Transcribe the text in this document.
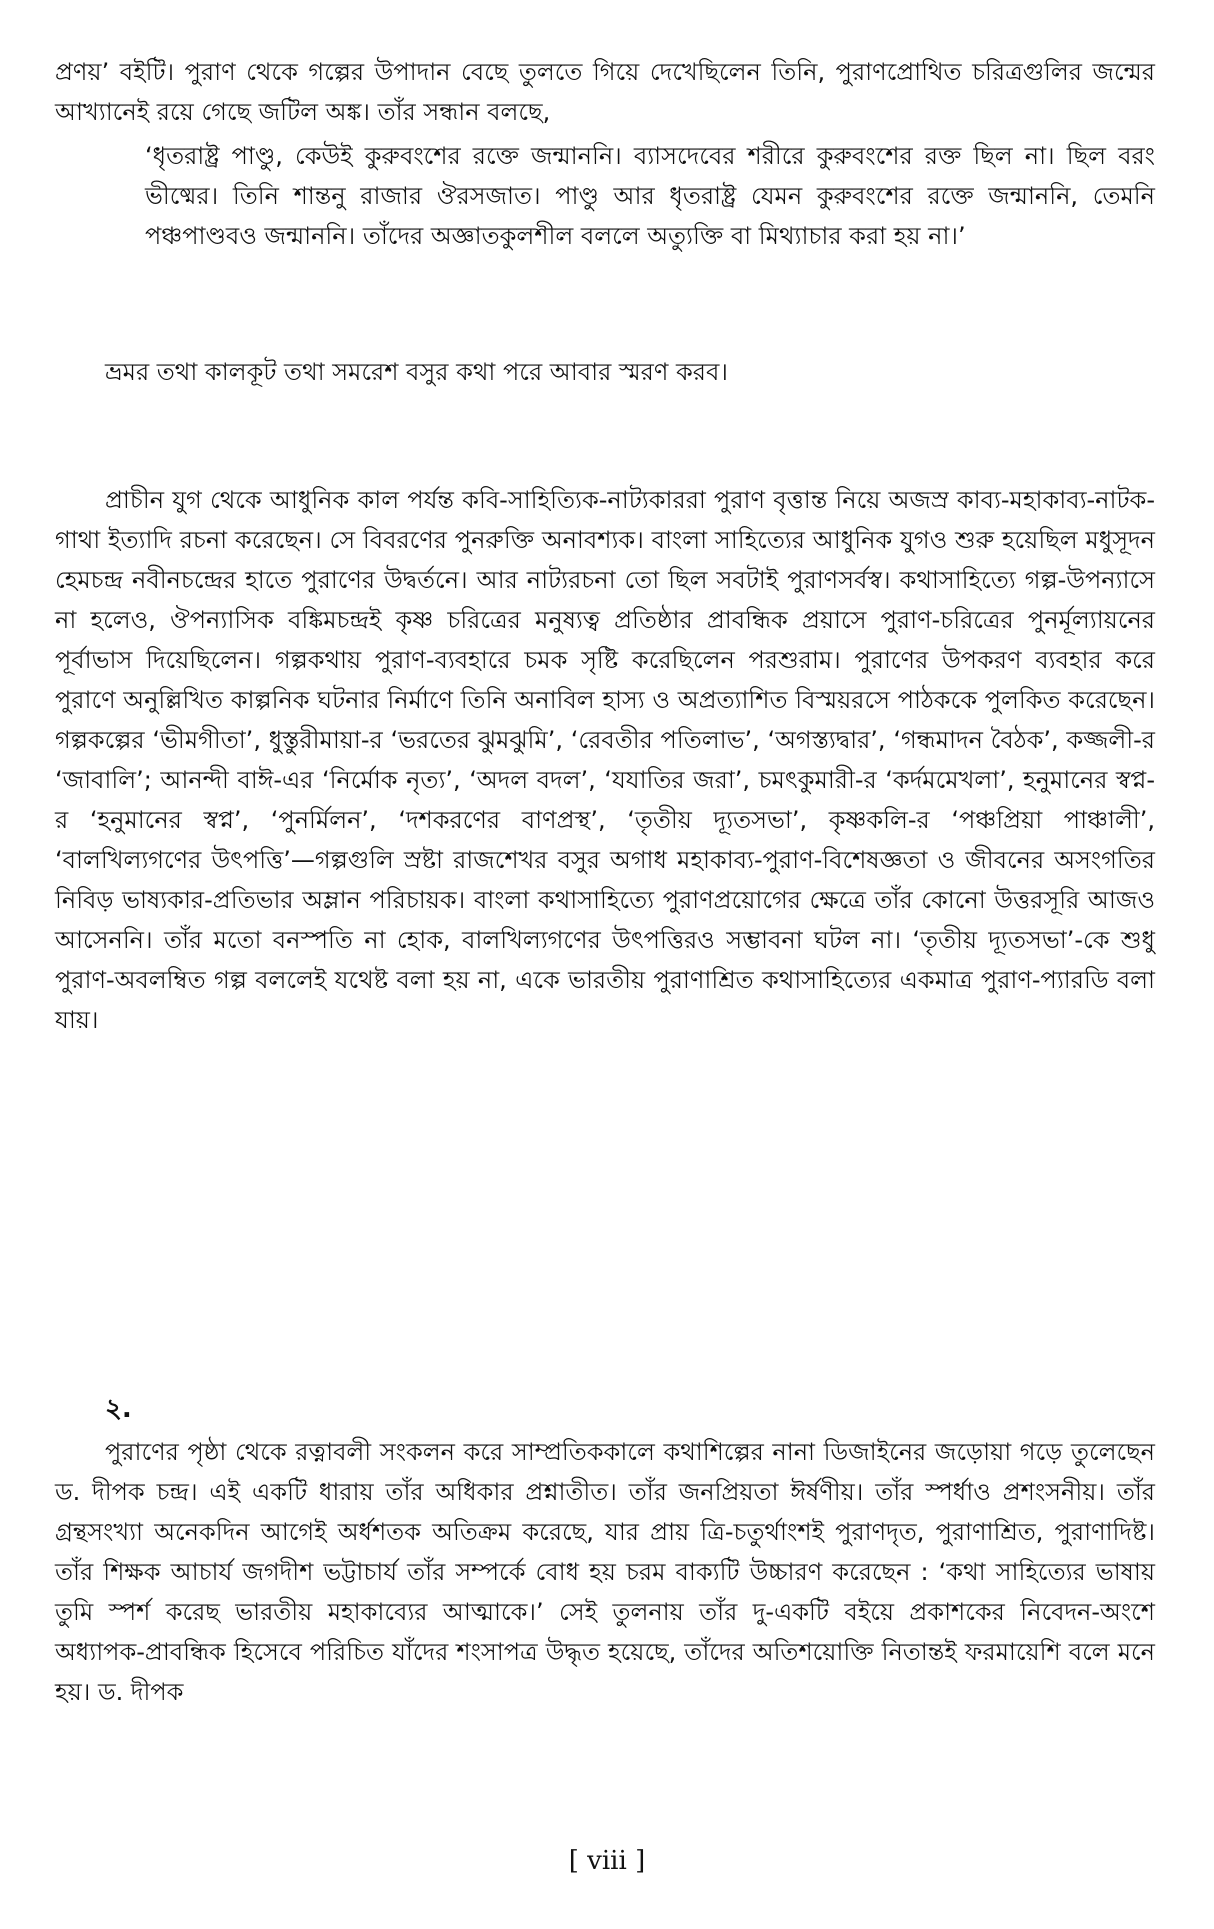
প্রণয়’ বইটি। পুরাণ থেকে গল্পের উপাদান বেছে তুলতে গিয়ে দেখেছিলেন তিনি, পুরাণপ্রোথিত চরিত্রগুলির জন্মের আখ্যানেই রয়ে গেছে জটিল অঙ্ক। তাঁর সন্ধান বলছে,

‘ধৃতরাষ্ট্র পাণ্ডু, কেউই কুরুবংশের রক্তে জন্মাননি। ব্যাসদেবের শরীরে কুরুবংশের রক্ত ছিল না। ছিল বরং ভীষ্মের। তিনি শান্তনু রাজার ঔরসজাত। পাণ্ডু আর ধৃতরাষ্ট্র যেমন কুরুবংশের রক্তে জন্মাননি, তেমনি পঞ্চপাণ্ডবও জন্মাননি। তাঁদের অজ্ঞাতকুলশীল বললে অত্যুক্তি বা মিথ্যাচার করা হয় না।’

ভ্রমর তথা কালকূট তথা সমরেশ বসুর কথা পরে আবার স্মরণ করব।

প্রাচীন যুগ থেকে আধুনিক কাল পর্যন্ত কবি-সাহিত্যিক-নাট্যকাররা পুরাণ বৃত্তান্ত নিয়ে অজস্র কাব্য-মহাকাব্য-নাটক-গাথা ইত্যাদি রচনা করেছেন। সে বিবরণের পুনরুক্তি অনাবশ্যক। বাংলা সাহিত্যের আধুনিক যুগও শুরু হয়েছিল মধুসূদন হেমচন্দ্র নবীনচন্দ্রের হাতে পুরাণের উদ্বর্তনে। আর নাট্যরচনা তো ছিল সবটাই পুরাণসর্বস্ব। কথাসাহিত্যে গল্প-উপন্যাসে না হলেও, ঔপন্যাসিক বঙ্কিমচন্দ্রই কৃষ্ণ চরিত্রের মনুষ্যত্ব প্রতিষ্ঠার প্রাবন্ধিক প্রয়াসে পুরাণ-চরিত্রের পুনর্মূল্যায়নের পূর্বাভাস দিয়েছিলেন। গল্পকথায় পুরাণ-ব্যবহারে চমক সৃষ্টি করেছিলেন পরশুরাম। পুরাণের উপকরণ ব্যবহার করে পুরাণে অনুল্লিখিত কাল্পনিক ঘটনার নির্মাণে তিনি অনাবিল হাস্য ও অপ্রত্যাশিত বিস্ময়রসে পাঠককে পুলকিত করেছেন। গল্পকল্পের ‘ভীমগীতা’, ধুস্তুরীমায়া-র ‘ভরতের ঝুমঝুমি’, ‘রেবতীর পতিলাভ’, ‘অগস্ত্যদ্বার’, ‘গন্ধমাদন বৈঠক’, কজ্জলী-র ‘জাবালি’; আনন্দী বাঈ-এর ‘নির্মোক নৃত্য’, ‘অদল বদল’, ‘যযাতির জরা’, চমৎকুমারী-র ‘কর্দমমেখলা’, হনুমানের স্বপ্ন-র ‘হনুমানের স্বপ্ন’, ‘পুনর্মিলন’, ‘দশকরণের বাণপ্রস্থ’, ‘তৃতীয় দ্যূতসভা’, কৃষ্ণকলি-র ‘পঞ্চপ্রিয়া পাঞ্চালী’, ‘বালখিল্যগণের উৎপত্তি’—গল্পগুলি স্রষ্টা রাজশেখর বসুর অগাধ মহাকাব্য-পুরাণ-বিশেষজ্ঞতা ও জীবনের অসংগতির নিবিড় ভাষ্যকার-প্রতিভার অম্লান পরিচায়ক। বাংলা কথাসাহিত্যে পুরাণপ্রয়োগের ক্ষেত্রে তাঁর কোনো উত্তরসূরি আজও আসেননি। তাঁর মতো বনস্পতি না হোক, বালখিল্যগণের উৎপত্তিরও সম্ভাবনা ঘটল না। ‘তৃতীয় দ্যূতসভা’-কে শুধু পুরাণ-অবলম্বিত গল্প বললেই যথেষ্ট বলা হয় না, একে ভারতীয় পুরাণাশ্রিত কথাসাহিত্যের একমাত্র পুরাণ-প্যারডি বলা যায়।

২.

পুরাণের পৃষ্ঠা থেকে রত্নাবলী সংকলন করে সাম্প্রতিককালে কথাশিল্পের নানা ডিজাইনের জড়োয়া গড়ে তুলেছেন ড. দীপক চন্দ্র। এই একটি ধারায় তাঁর অধিকার প্রশ্নাতীত। তাঁর জনপ্রিয়তা ঈর্ষণীয়। তাঁর স্পর্ধাও প্রশংসনীয়। তাঁর গ্রন্থসংখ্যা অনেকদিন আগেই অর্ধশতক অতিক্রম করেছে, যার প্রায় ত্রি-চতুর্থাংশই পুরাণদৃত, পুরাণাশ্রিত, পুরাণাদিষ্ট। তাঁর শিক্ষক আচার্য জগদীশ ভট্টাচার্য তাঁর সম্পর্কে বোধ হয় চরম বাক্যটি উচ্চারণ করেছেন : ‘কথা সাহিত্যের ভাষায় তুমি স্পর্শ করেছ ভারতীয় মহাকাব্যের আত্মাকে।’ সেই তুলনায় তাঁর দু-একটি বইয়ে প্রকাশকের নিবেদন-অংশে অধ্যাপক-প্রাবন্ধিক হিসেবে পরিচিত যাঁদের শংসাপত্র উদ্ধৃত হয়েছে, তাঁদের অতিশয়োক্তি নিতান্তই ফরমায়েশি বলে মনে হয়। ড. দীপক

[ viii ]
